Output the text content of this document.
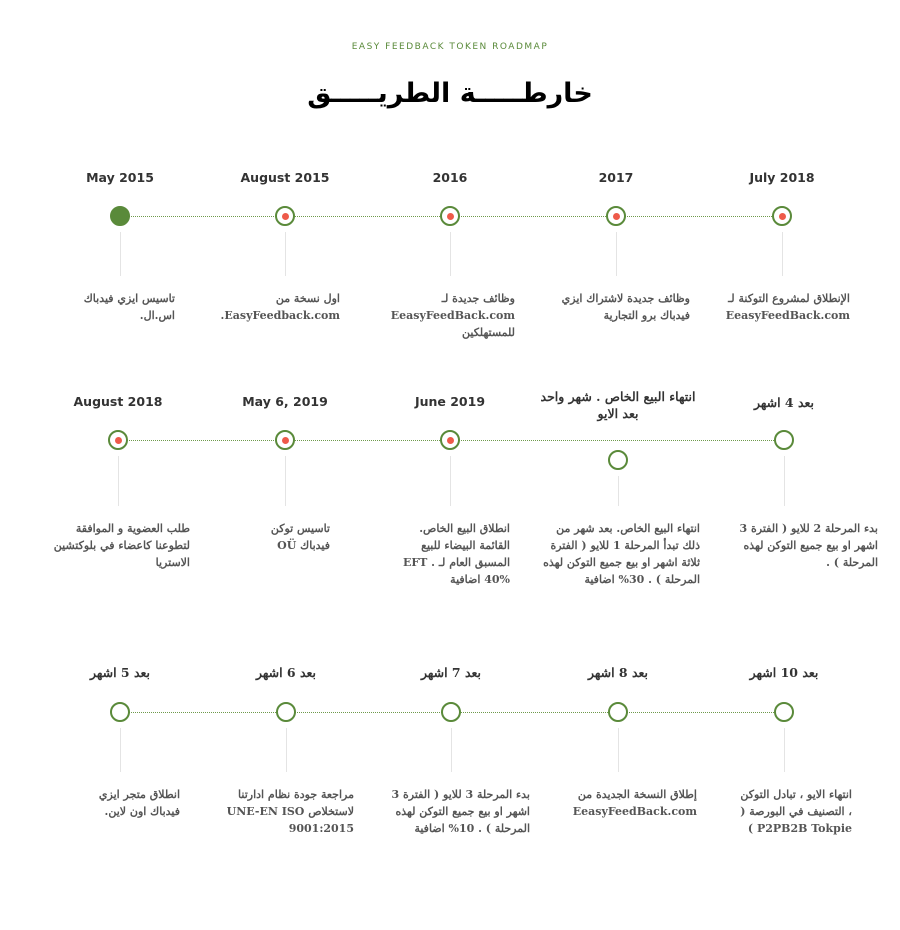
EASY FEEDBACK TOKEN ROADMAP
خارطـــــة الطريـــــق
May 2015
تاسيس ايزي فيدباك اس.ال.
August 2015
اول نسخة من EasyFeedback.com.
2016
وظائف جديدة لـ EeasyFeedBack.com للمستهلكين
2017
وظائف جديدة لاشتراك ايزي فيدباك برو التجارية
July 2018
الإنطلاق لمشروع التوكنة لـ EeasyFeedBack.com
August 2018
طلب العضوية و الموافقة لتطوعنا كاعضاء في بلوكتشين الاستريا
May 6, 2019
تاسيس توكن فيدباك OÜ
June 2019
انطلاق البيع الخاص. القائمة البيضاء للبيع المسبق العام لـ EFT . 40% اضافية
انتهاء البيع الخاص . شهر واحد بعد الايو
انتهاء البيع الخاص. بعد شهر من ذلك تبدأ المرحلة 1 للايو ( الفترة ثلاثة اشهر او بيع جميع التوكن لهذه المرحلة ) . 30% اضافية
بعد 4 اشهر
بدء المرحلة 2 للايو ( الفترة 3 اشهر او بيع جميع التوكن لهذه المرحلة ) .
بعد 5 اشهر
انطلاق متجر ايزي فيدباك اون لاين.
بعد 6 اشهر
مراجعة جودة نظام ادارتنا لاستخلاص UNE-EN ISO 9001:2015
بعد 7 اشهر
بدء المرحلة 3 للايو ( الفترة 3 اشهر او بيع جميع التوكن لهذه المرحلة ) . 10% اضافية
بعد 8 اشهر
إطلاق النسخة الجديدة من EeasyFeedBack.com
بعد 10 اشهر
انتهاء الايو ، تبادل التوكن ، التصنيف في البورصة ( P2PB2B Tokpie )
